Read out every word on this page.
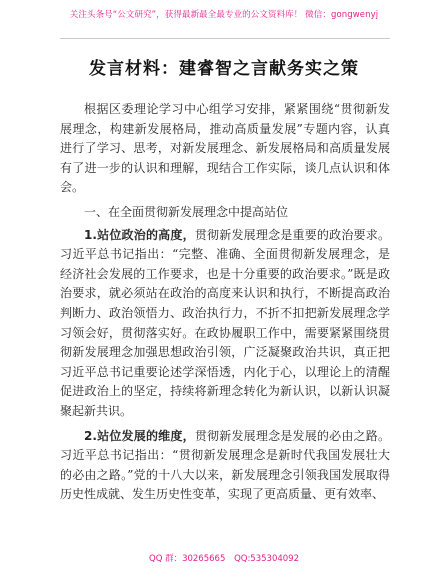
关注头条号“公文研究”，获得最新最全最专业的公文资料库！ 微信：gongwenyj
发言材料：建睿智之言献务实之策

根据区委理论学习中心组学习安排，紧紧围绕“贯彻新发展理念，构建新发展格局，推动高质量发展”专题内容，认真进行了学习、思考，对新发展理念、新发展格局和高质量发展有了进一步的认识和理解，现结合工作实际，谈几点认识和体会。

一、在全面贯彻新发展理念中提高站位

1.站位政治的高度，贯彻新发展理念是重要的政治要求。习近平总书记指出：“完整、准确、全面贯彻新发展理念，是经济社会发展的工作要求，也是十分重要的政治要求。”既是政治要求，就必须站在政治的高度来认识和执行，不断提高政治判断力、政治领悟力、政治执行力，不折不扣把新发展理念学习领会好，贯彻落实好。在政协履职工作中，需要紧紧围绕贯彻新发展理念加强思想政治引领，广泛凝聚政治共识，真正把习近平总书记重要论述学深悟透，内化于心，以理论上的清醒促进政治上的坚定，持续将新理念转化为新认识，以新认识凝聚起新共识。

2.站位发展的维度，贯彻新发展理念是发展的必由之路。习近平总书记指出：“贯彻新发展理念是新时代我国发展壮大的必由之路。”党的十八大以来，新发展理念引领我国发展取得历史性成就、发生历史性变革，实现了更高质量、更有效率、

QQ 群：30265665 QQ:535304092
